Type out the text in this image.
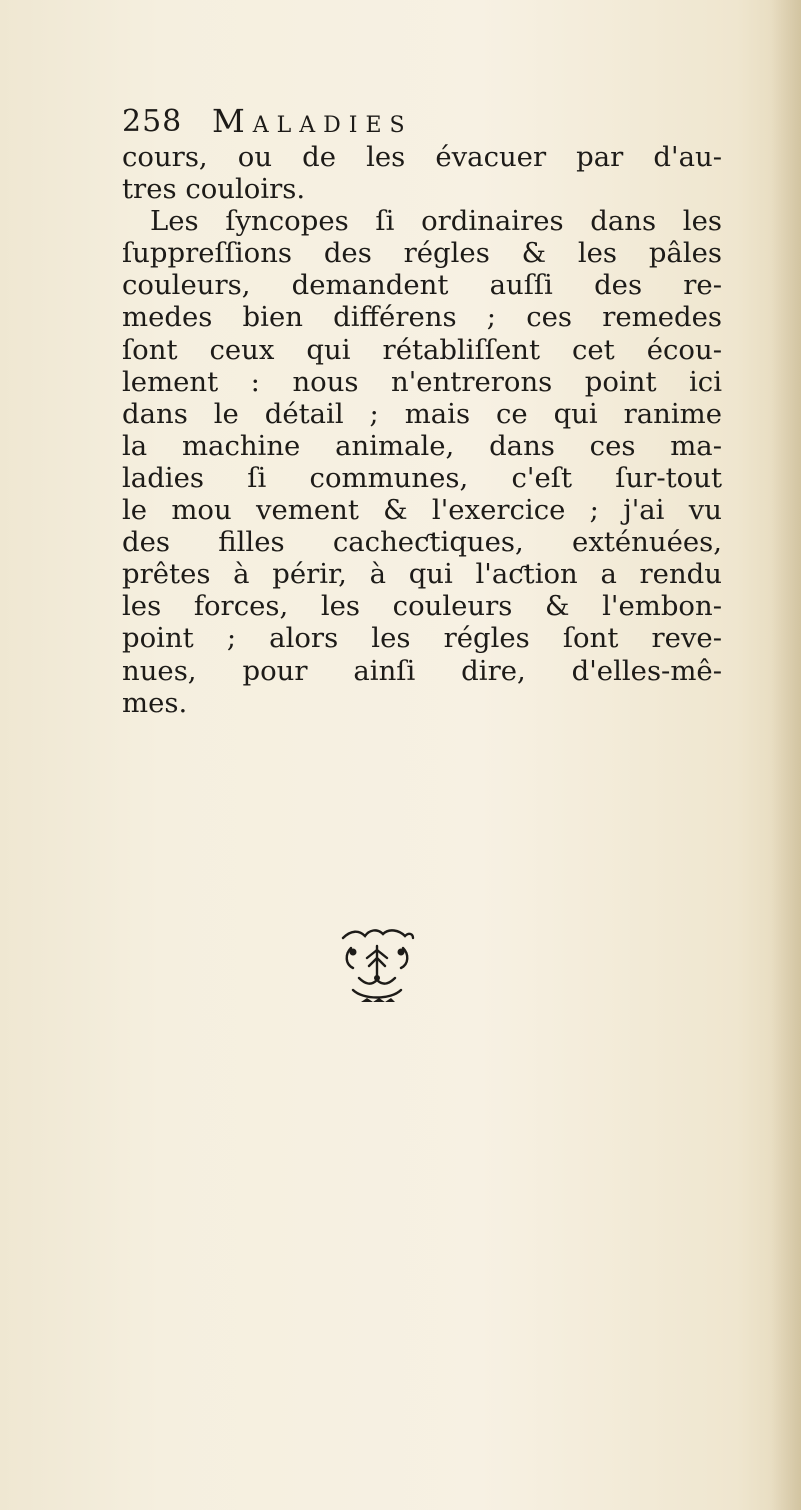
258 Maladies
cours, ou de les évacuer par d'au-
tres couloirs.
Les ſyncopes ſi ordinaires dans les
ſuppreſſions des régles & les pâles
couleurs, demandent auſſi des re-
medes bien différens ; ces remedes
ſont ceux qui rétabliſſent cet écou-
lement : nous n'entrerons point ici
dans le détail ; mais ce qui ranime
la machine animale, dans ces ma-
ladies ſi communes, c'eſt ſur-tout
le mou vement & l'exercice ; j'ai vu
des filles cacheƈtiques, exténuées,
prêtes à périr, à qui l'aƈtion a rendu
les forces, les couleurs & l'embon-
point ; alors les régles ſont reve-
nues, pour ainſi dire, d'elles-mê-
mes.
